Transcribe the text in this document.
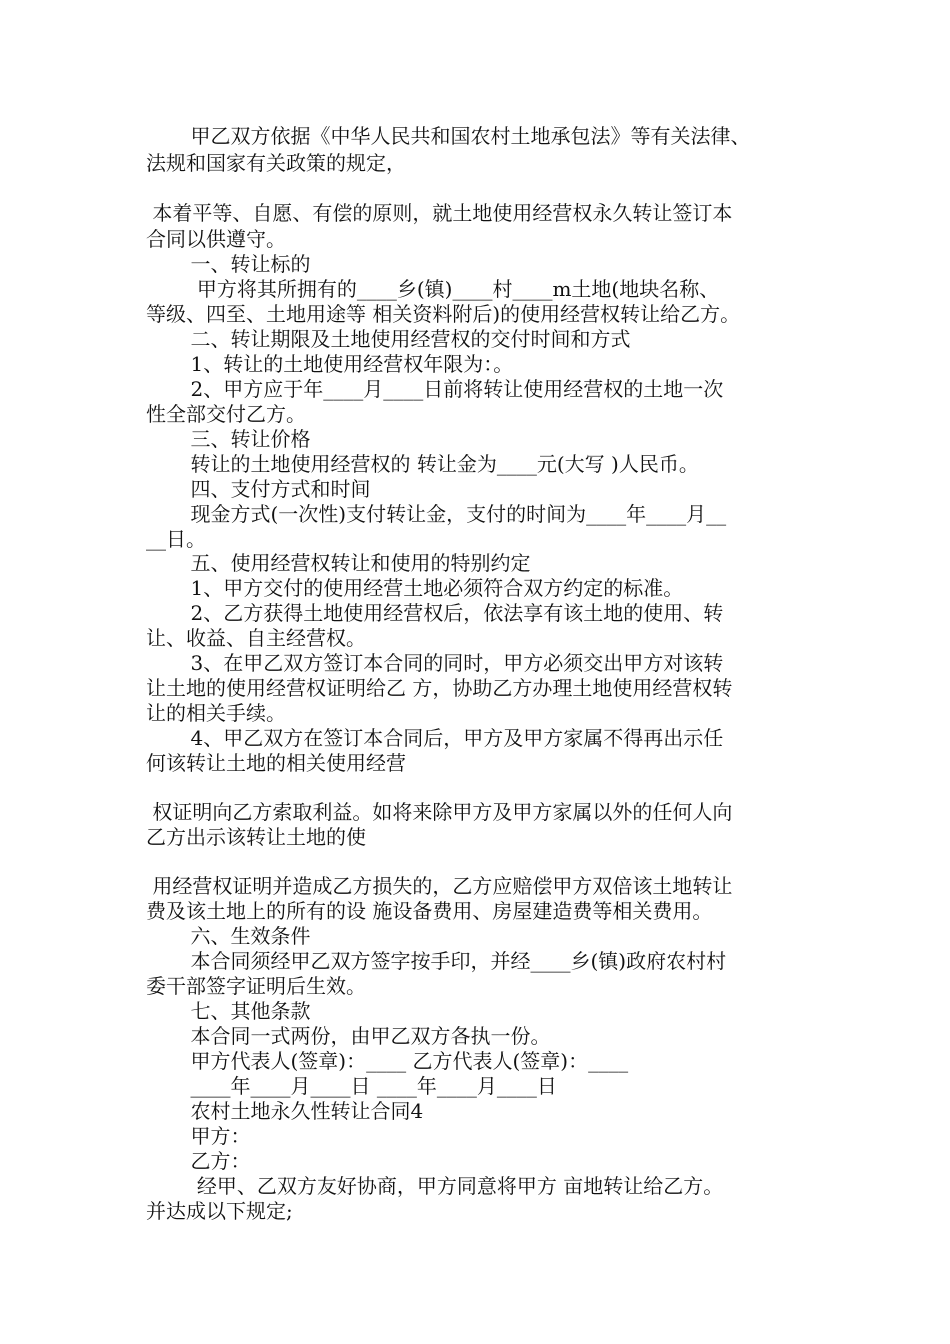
甲乙双方依据《中华人民共和国农村土地承包法》等有关法律、
法规和国家有关政策的规定，
本着平等、自愿、有偿的原则，就土地使用经营权永久转让签订本
合同以供遵守。
一、转让标的
甲方将其所拥有的____乡(镇)____村____m土地(地块名称、
等级、四至、土地用途等 相关资料附后)的使用经营权转让给乙方。
二、转让期限及土地使用经营权的交付时间和方式
1、转让的土地使用经营权年限为：。
2、甲方应于年____月____日前将转让使用经营权的土地一次
性全部交付乙方。
三、转让价格
转让的土地使用经营权的 转让金为____元(大写 )人民币。
四、支付方式和时间
现金方式(一次性)支付转让金，支付的时间为____年____月__
__日。
五、使用经营权转让和使用的特别约定
1、甲方交付的使用经营土地必须符合双方约定的标准。
2、乙方获得土地使用经营权后，依法享有该土地的使用、转
让、收益、自主经营权。
3、在甲乙双方签订本合同的同时，甲方必须交出甲方对该转
让土地的使用经营权证明给乙 方，协助乙方办理土地使用经营权转
让的相关手续。
4、甲乙双方在签订本合同后，甲方及甲方家属不得再出示任
何该转让土地的相关使用经营
权证明向乙方索取利益。如将来除甲方及甲方家属以外的任何人向
乙方出示该转让土地的使
用经营权证明并造成乙方损失的，乙方应赔偿甲方双倍该土地转让
费及该土地上的所有的设 施设备费用、房屋建造费等相关费用。
六、生效条件
本合同须经甲乙双方签字按手印，并经____乡(镇)政府农村村
委干部签字证明后生效。
七、其他条款
本合同一式两份，由甲乙双方各执一份。
甲方代表人(签章)：____ 乙方代表人(签章)：____
____年____月____日 ____年____月____日
农村土地永久性转让合同4
甲方：
乙方：
经甲、乙双方友好协商，甲方同意将甲方 亩地转让给乙方。
并达成以下规定;
